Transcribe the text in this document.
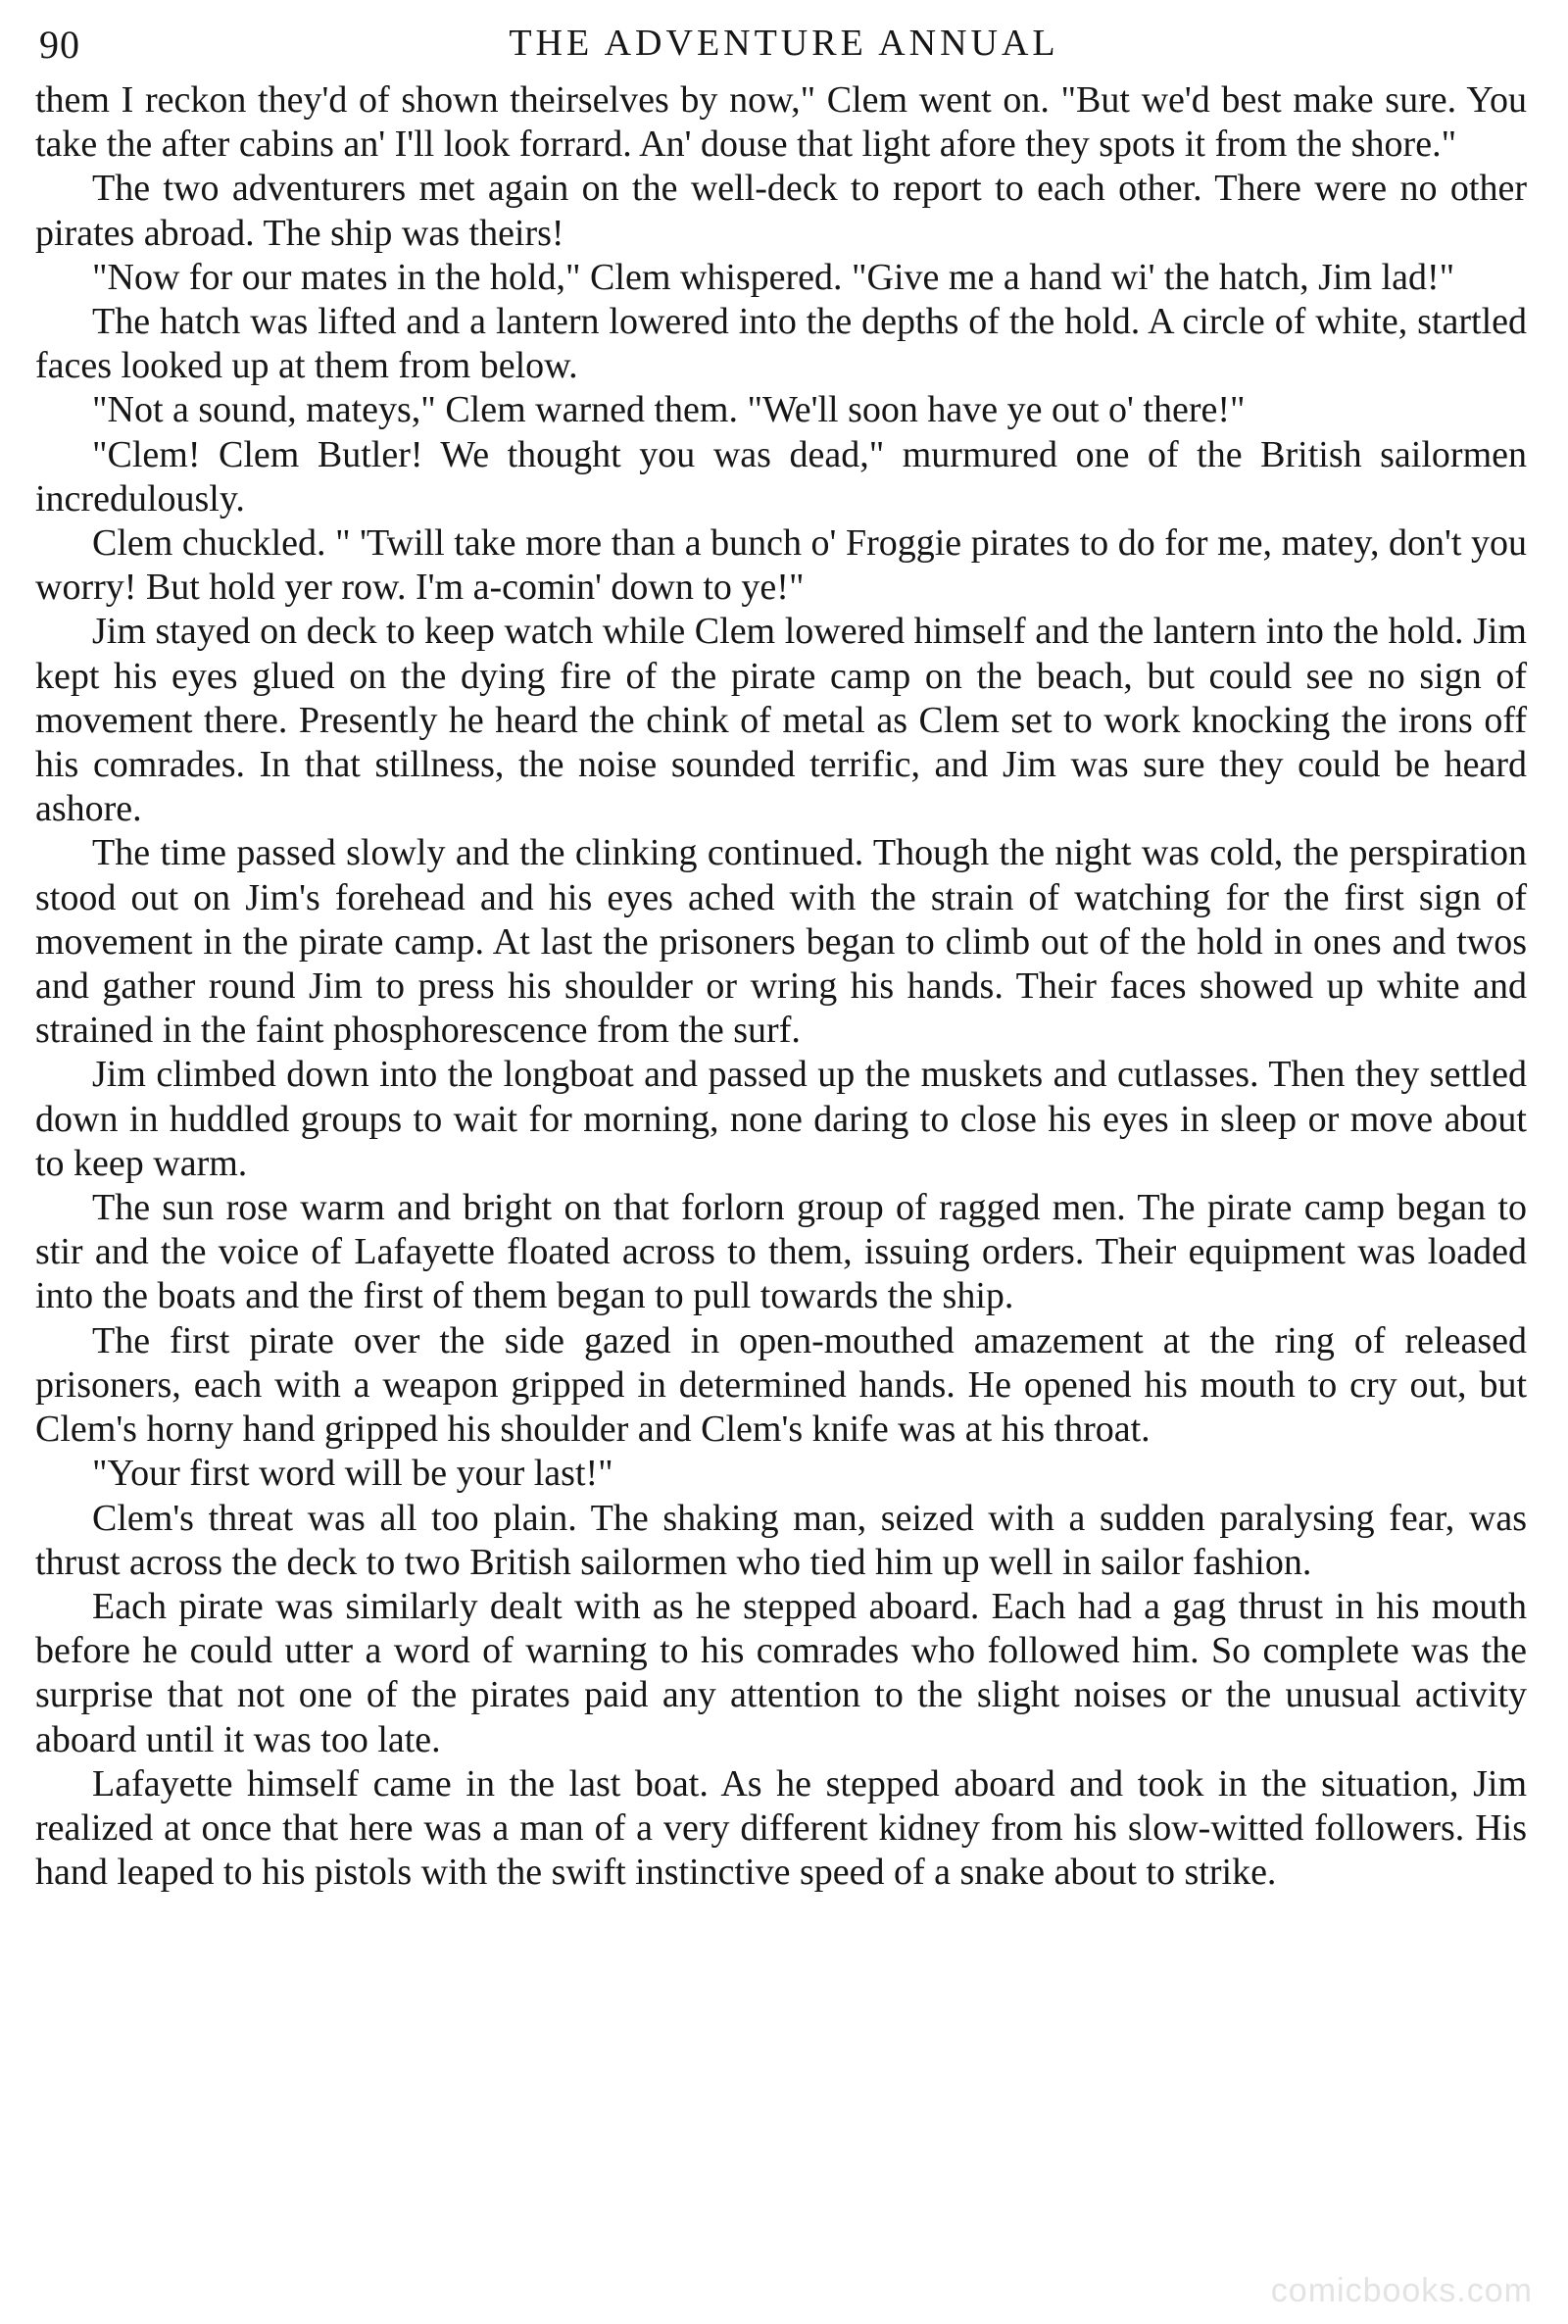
90	THE ADVENTURE ANNUAL

them I reckon they'd of shown theirselves by now," Clem went on. "But we'd best make sure. You take the after cabins an' I'll look forrard. An' douse that light afore they spots it from the shore."

The two adventurers met again on the well-deck to report to each other. There were no other pirates abroad. The ship was theirs!

"Now for our mates in the hold," Clem whispered. "Give me a hand wi' the hatch, Jim lad!"

The hatch was lifted and a lantern lowered into the depths of the hold. A circle of white, startled faces looked up at them from below.

"Not a sound, mateys," Clem warned them. "We'll soon have ye out o' there!"

"Clem! Clem Butler! We thought you was dead," murmured one of the British sailormen incredulously.

Clem chuckled. " 'Twill take more than a bunch o' Froggie pirates to do for me, matey, don't you worry! But hold yer row. I'm a-comin' down to ye!"

Jim stayed on deck to keep watch while Clem lowered himself and the lantern into the hold. Jim kept his eyes glued on the dying fire of the pirate camp on the beach, but could see no sign of movement there. Presently he heard the chink of metal as Clem set to work knocking the irons off his comrades. In that stillness, the noise sounded terrific, and Jim was sure they could be heard ashore.

The time passed slowly and the clinking continued. Though the night was cold, the perspiration stood out on Jim's forehead and his eyes ached with the strain of watching for the first sign of movement in the pirate camp. At last the prisoners began to climb out of the hold in ones and twos and gather round Jim to press his shoulder or wring his hands. Their faces showed up white and strained in the faint phosphorescence from the surf.

Jim climbed down into the longboat and passed up the muskets and cutlasses. Then they settled down in huddled groups to wait for morning, none daring to close his eyes in sleep or move about to keep warm.

The sun rose warm and bright on that forlorn group of ragged men. The pirate camp began to stir and the voice of Lafayette floated across to them, issuing orders. Their equipment was loaded into the boats and the first of them began to pull towards the ship.

The first pirate over the side gazed in open-mouthed amazement at the ring of released prisoners, each with a weapon gripped in determined hands. He opened his mouth to cry out, but Clem's horny hand gripped his shoulder and Clem's knife was at his throat.

"Your first word will be your last!"

Clem's threat was all too plain. The shaking man, seized with a sudden paralysing fear, was thrust across the deck to two British sailormen who tied him up well in sailor fashion.

Each pirate was similarly dealt with as he stepped aboard. Each had a gag thrust in his mouth before he could utter a word of warning to his comrades who followed him. So complete was the surprise that not one of the pirates paid any attention to the slight noises or the unusual activity aboard until it was too late.

Lafayette himself came in the last boat. As he stepped aboard and took in the situation, Jim realized at once that here was a man of a very different kidney from his slow-witted followers. His hand leaped to his pistols with the swift instinctive speed of a snake about to strike.

comicbooks.com
